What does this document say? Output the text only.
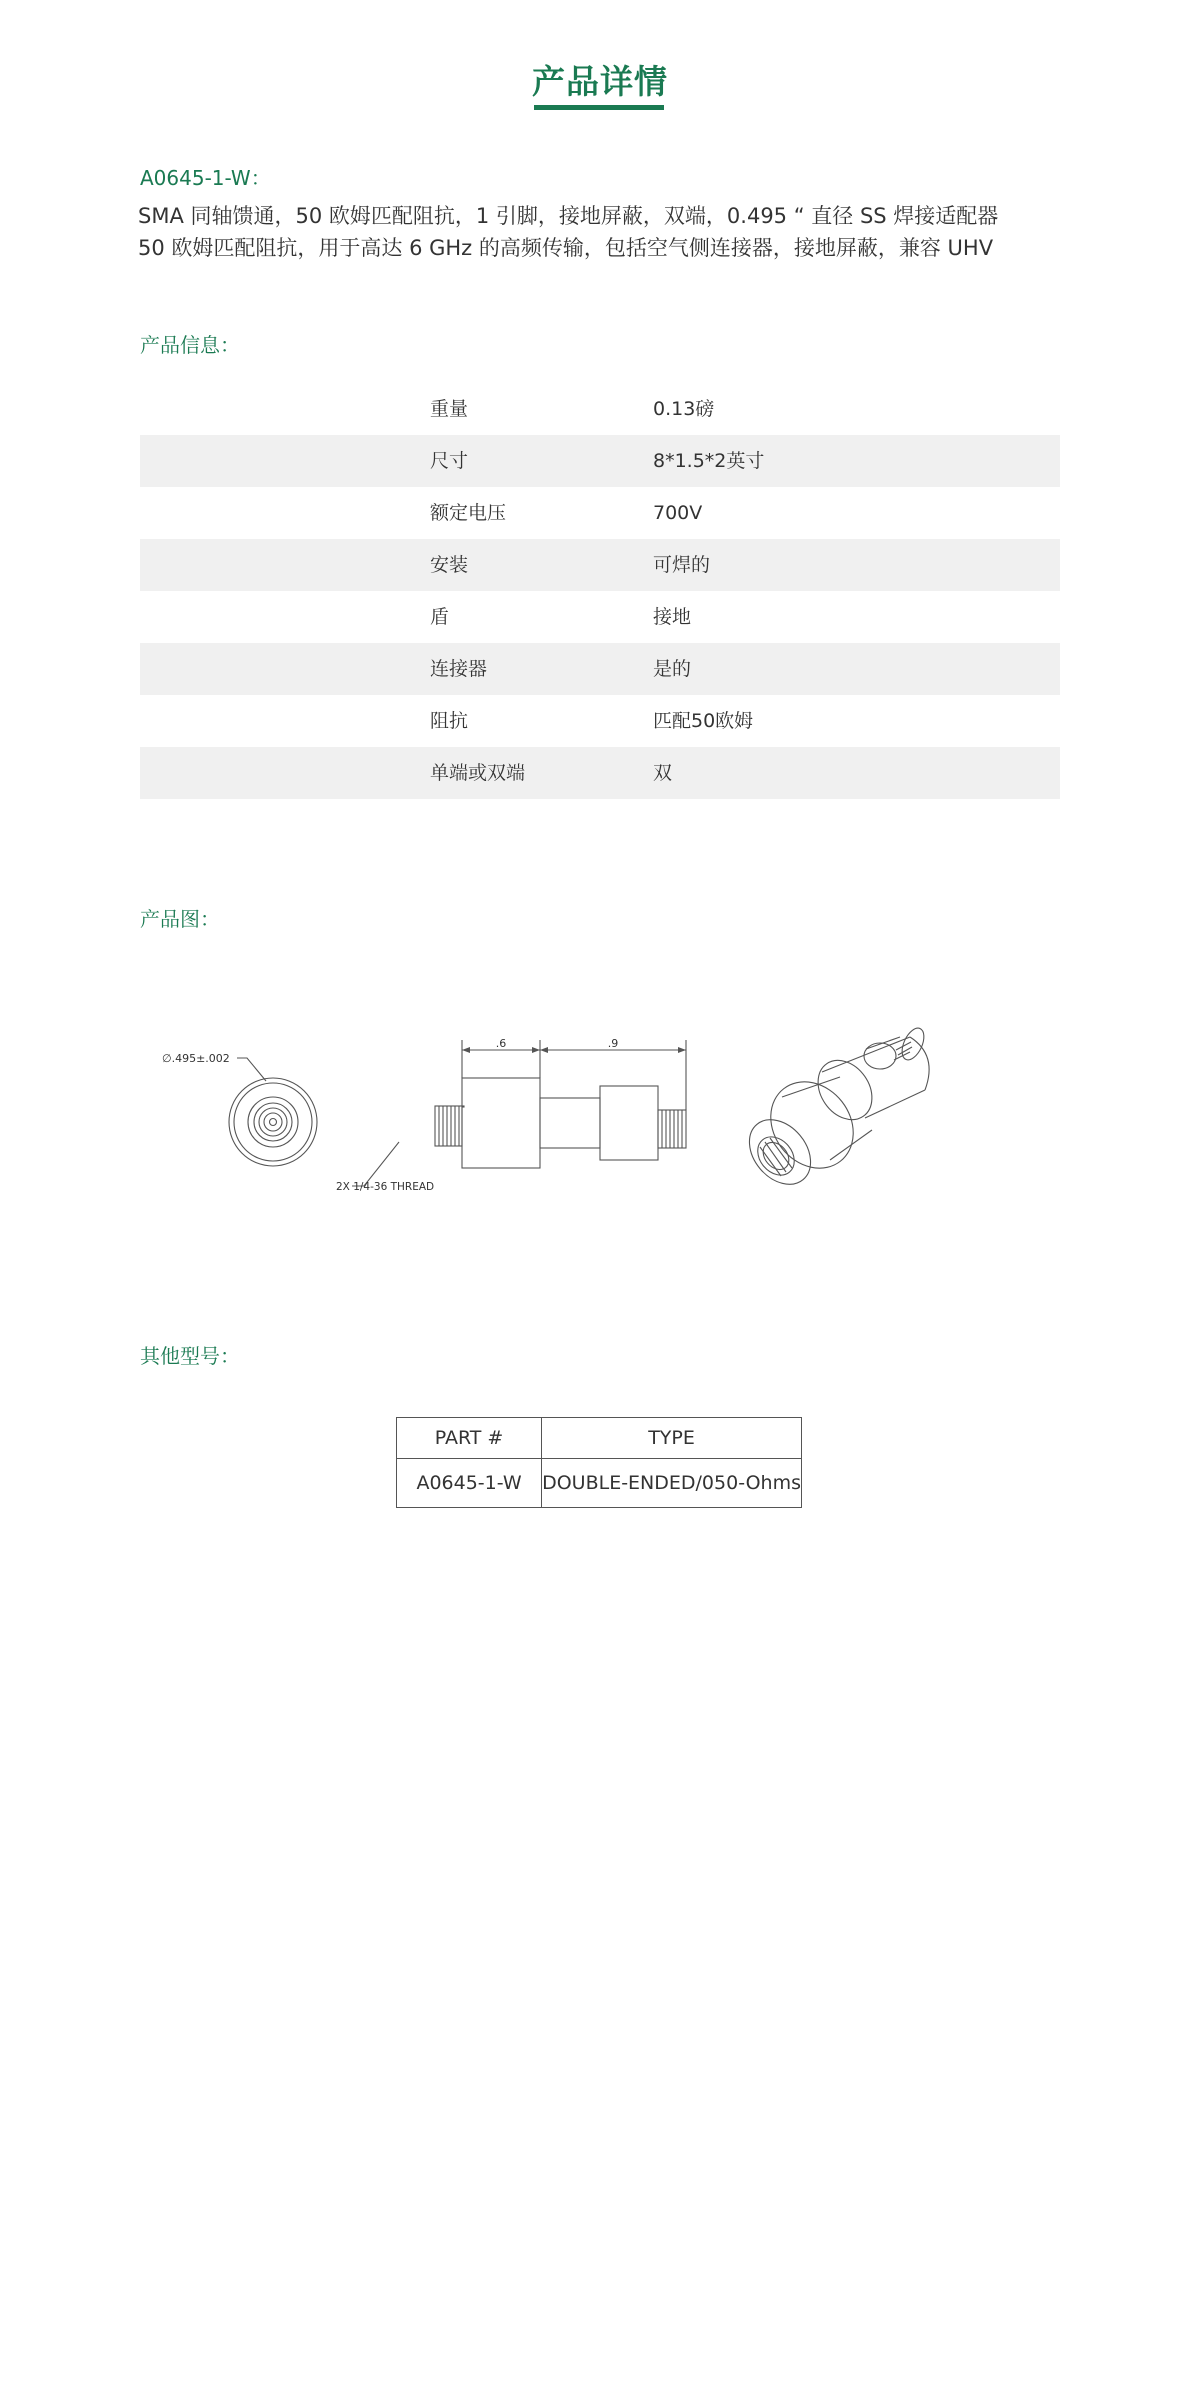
产品详情
A0645-1-W：
SMA 同轴馈通，50 欧姆匹配阻抗，1 引脚，接地屏蔽，双端，0.495 “ 直径 SS 焊接适配器
50 欧姆匹配阻抗，用于高达 6 GHz 的高频传输，包括空气侧连接器，接地屏蔽，兼容 UHV
产品信息：
重量	0.13磅
尺寸	8*1.5*2英寸
额定电压	700V
安装	可焊的
盾	接地
连接器	是的
阻抗	匹配50欧姆
单端或双端	双
产品图：
∅.495±.002
.6	.9
2X 1/4-36 THREAD
其他型号：
PART #	TYPE
A0645-1-W	DOUBLE-ENDED/050-Ohms
